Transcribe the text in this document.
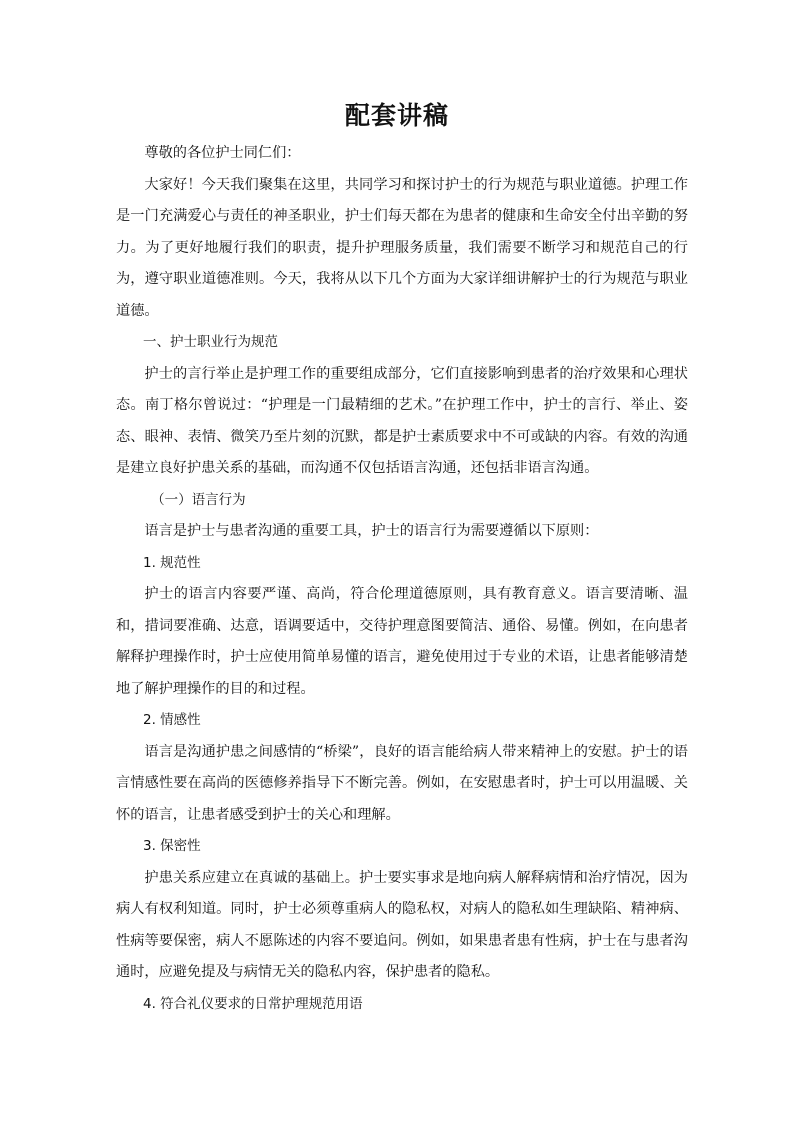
配套讲稿

尊敬的各位护士同仁们：

大家好！今天我们聚集在这里，共同学习和探讨护士的行为规范与职业道德。护理工作是一门充满爱心与责任的神圣职业，护士们每天都在为患者的健康和生命安全付出辛勤的努力。为了更好地履行我们的职责，提升护理服务质量，我们需要不断学习和规范自己的行为，遵守职业道德准则。今天，我将从以下几个方面为大家详细讲解护士的行为规范与职业道德。

一、护士职业行为规范

护士的言行举止是护理工作的重要组成部分，它们直接影响到患者的治疗效果和心理状态。南丁格尔曾说过：“护理是一门最精细的艺术。”在护理工作中，护士的言行、举止、姿态、眼神、表情、微笑乃至片刻的沉默，都是护士素质要求中不可或缺的内容。有效的沟通是建立良好护患关系的基础，而沟通不仅包括语言沟通，还包括非语言沟通。

（一）语言行为

语言是护士与患者沟通的重要工具，护士的语言行为需要遵循以下原则：

1. 规范性

护士的语言内容要严谨、高尚，符合伦理道德原则，具有教育意义。语言要清晰、温和，措词要准确、达意，语调要适中，交待护理意图要简洁、通俗、易懂。例如，在向患者解释护理操作时，护士应使用简单易懂的语言，避免使用过于专业的术语，让患者能够清楚地了解护理操作的目的和过程。

2. 情感性

语言是沟通护患之间感情的“桥梁”，良好的语言能给病人带来精神上的安慰。护士的语言情感性要在高尚的医德修养指导下不断完善。例如，在安慰患者时，护士可以用温暖、关怀的语言，让患者感受到护士的关心和理解。

3. 保密性

护患关系应建立在真诚的基础上。护士要实事求是地向病人解释病情和治疗情况，因为病人有权利知道。同时，护士必须尊重病人的隐私权，对病人的隐私如生理缺陷、精神病、性病等要保密，病人不愿陈述的内容不要追问。例如，如果患者患有性病，护士在与患者沟通时，应避免提及与病情无关的隐私内容，保护患者的隐私。

4. 符合礼仪要求的日常护理规范用语
